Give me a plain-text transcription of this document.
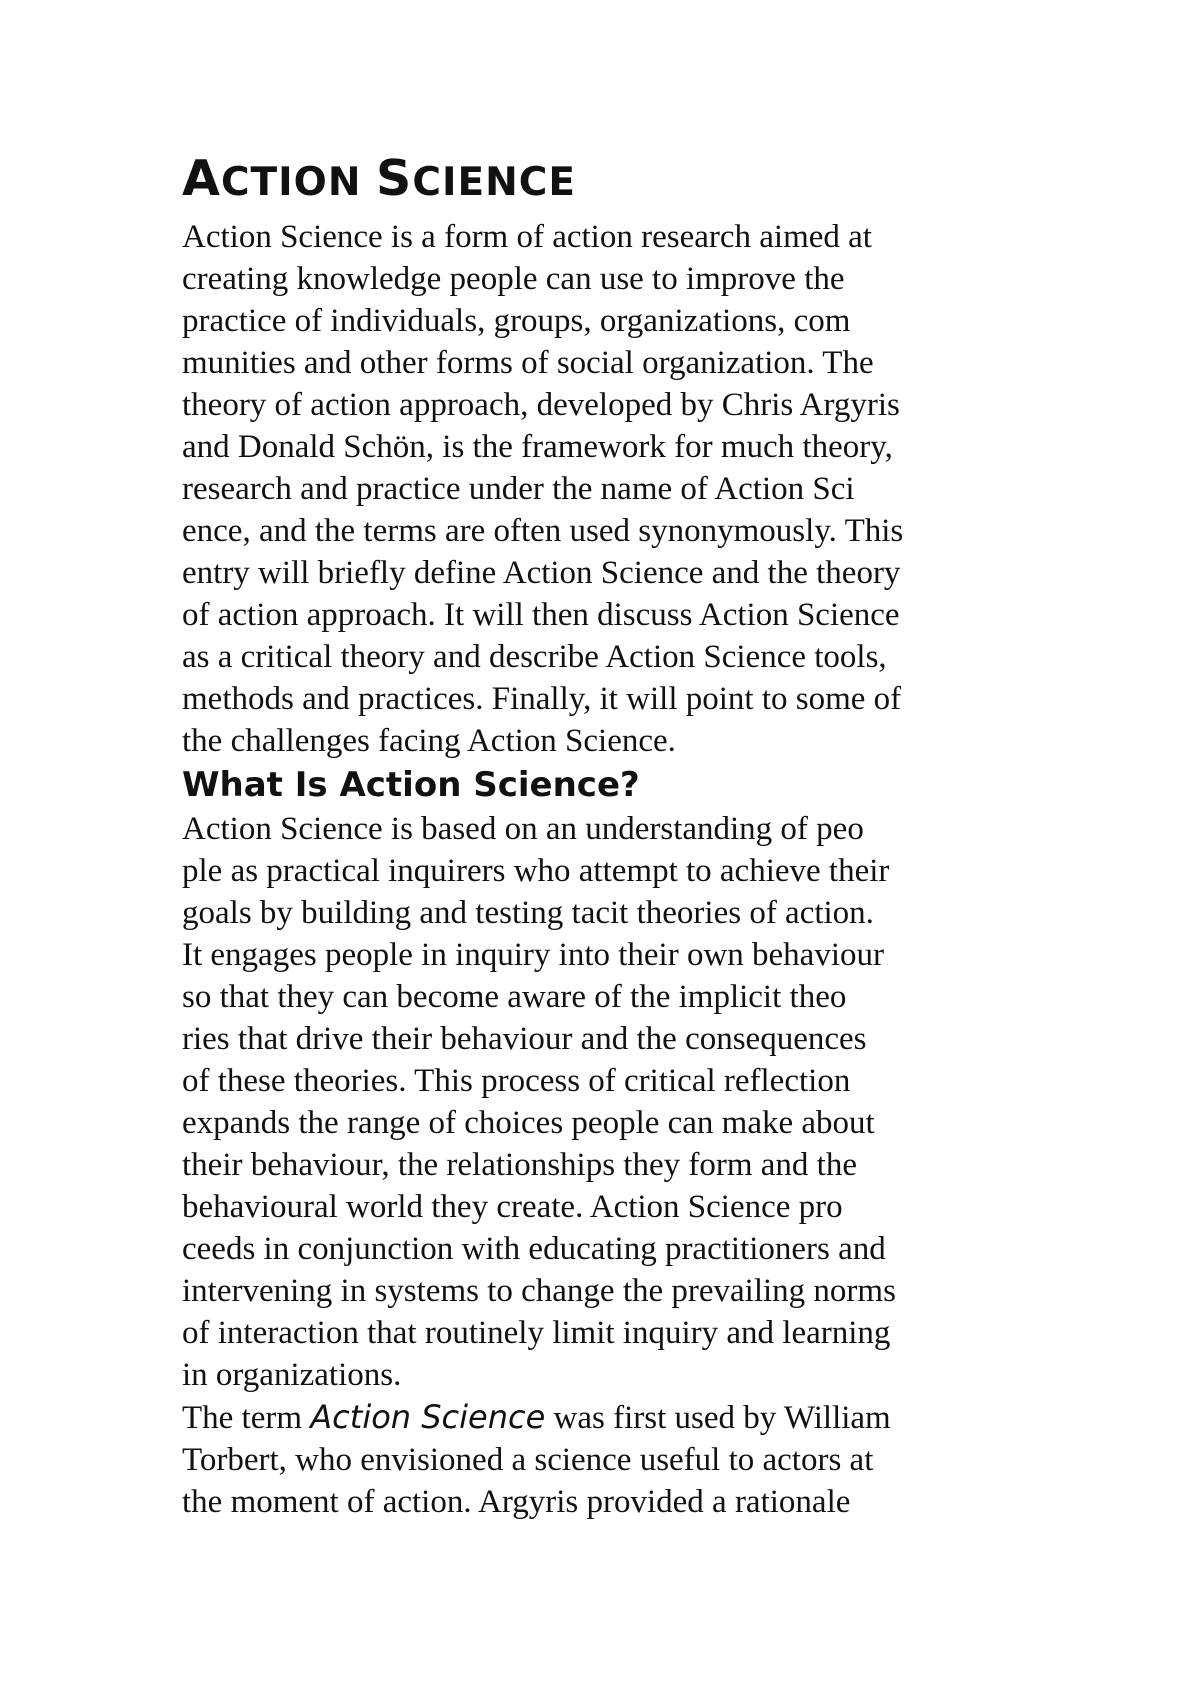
ACTION SCIENCE

Action Science is a form of action research aimed at
creating knowledge people can use to improve the
practice of individuals, groups, organizations, com
munities and other forms of social organization. The
theory of action approach, developed by Chris Argyris
and Donald Schön, is the framework for much theory,
research and practice under the name of Action Sci
ence, and the terms are often used synonymously. This
entry will briefly define Action Science and the theory
of action approach. It will then discuss Action Science
as a critical theory and describe Action Science tools,
methods and practices. Finally, it will point to some of
the challenges facing Action Science.

What Is Action Science?

Action Science is based on an understanding of peo
ple as practical inquirers who attempt to achieve their
goals by building and testing tacit theories of action.
It engages people in inquiry into their own behaviour
so that they can become aware of the implicit theo
ries that drive their behaviour and the consequences
of these theories. This process of critical reflection
expands the range of choices people can make about
their behaviour, the relationships they form and the
behavioural world they create. Action Science pro
ceeds in conjunction with educating practitioners and
intervening in systems to change the prevailing norms
of interaction that routinely limit inquiry and learning
in organizations.

The term Action Science was first used by William
Torbert, who envisioned a science useful to actors at
the moment of action. Argyris provided a rationale
